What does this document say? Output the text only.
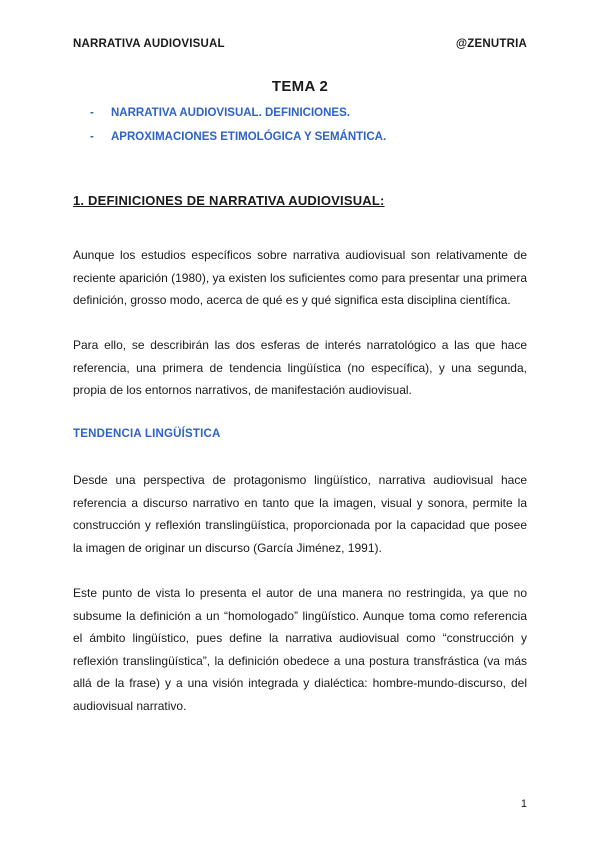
NARRATIVA AUDIOVISUAL	@ZENUTRIA
TEMA 2
-	NARRATIVA AUDIOVISUAL. DEFINICIONES.
-	APROXIMACIONES ETIMOLÓGICA Y SEMÁNTICA.
1. DEFINICIONES DE NARRATIVA AUDIOVISUAL:

Aunque los estudios específicos sobre narrativa audiovisual son relativamente de reciente aparición (1980), ya existen los suficientes como para presentar una primera definición, grosso modo, acerca de qué es y qué significa esta disciplina científica.

Para ello, se describirán las dos esferas de interés narratológico a las que hace referencia, una primera de tendencia lingüística (no específica), y una segunda, propia de los entornos narrativos, de manifestación audiovisual.

TENDENCIA LINGÜÍSTICA

Desde una perspectiva de protagonismo lingüístico, narrativa audiovisual hace referencia a discurso narrativo en tanto que la imagen, visual y sonora, permite la construcción y reflexión translingüística, proporcionada por la capacidad que posee la imagen de originar un discurso (García Jiménez, 1991).

Este punto de vista lo presenta el autor de una manera no restringida, ya que no subsume la definición a un “homologado” lingüístico. Aunque toma como referencia el ámbito lingüístico, pues define la narrativa audiovisual como “construcción y reflexión translingüística”, la definición obedece a una postura transfrástica (va más allá de la frase) y a una visión integrada y dialéctica: hombre-mundo-discurso, del audiovisual narrativo.

1
